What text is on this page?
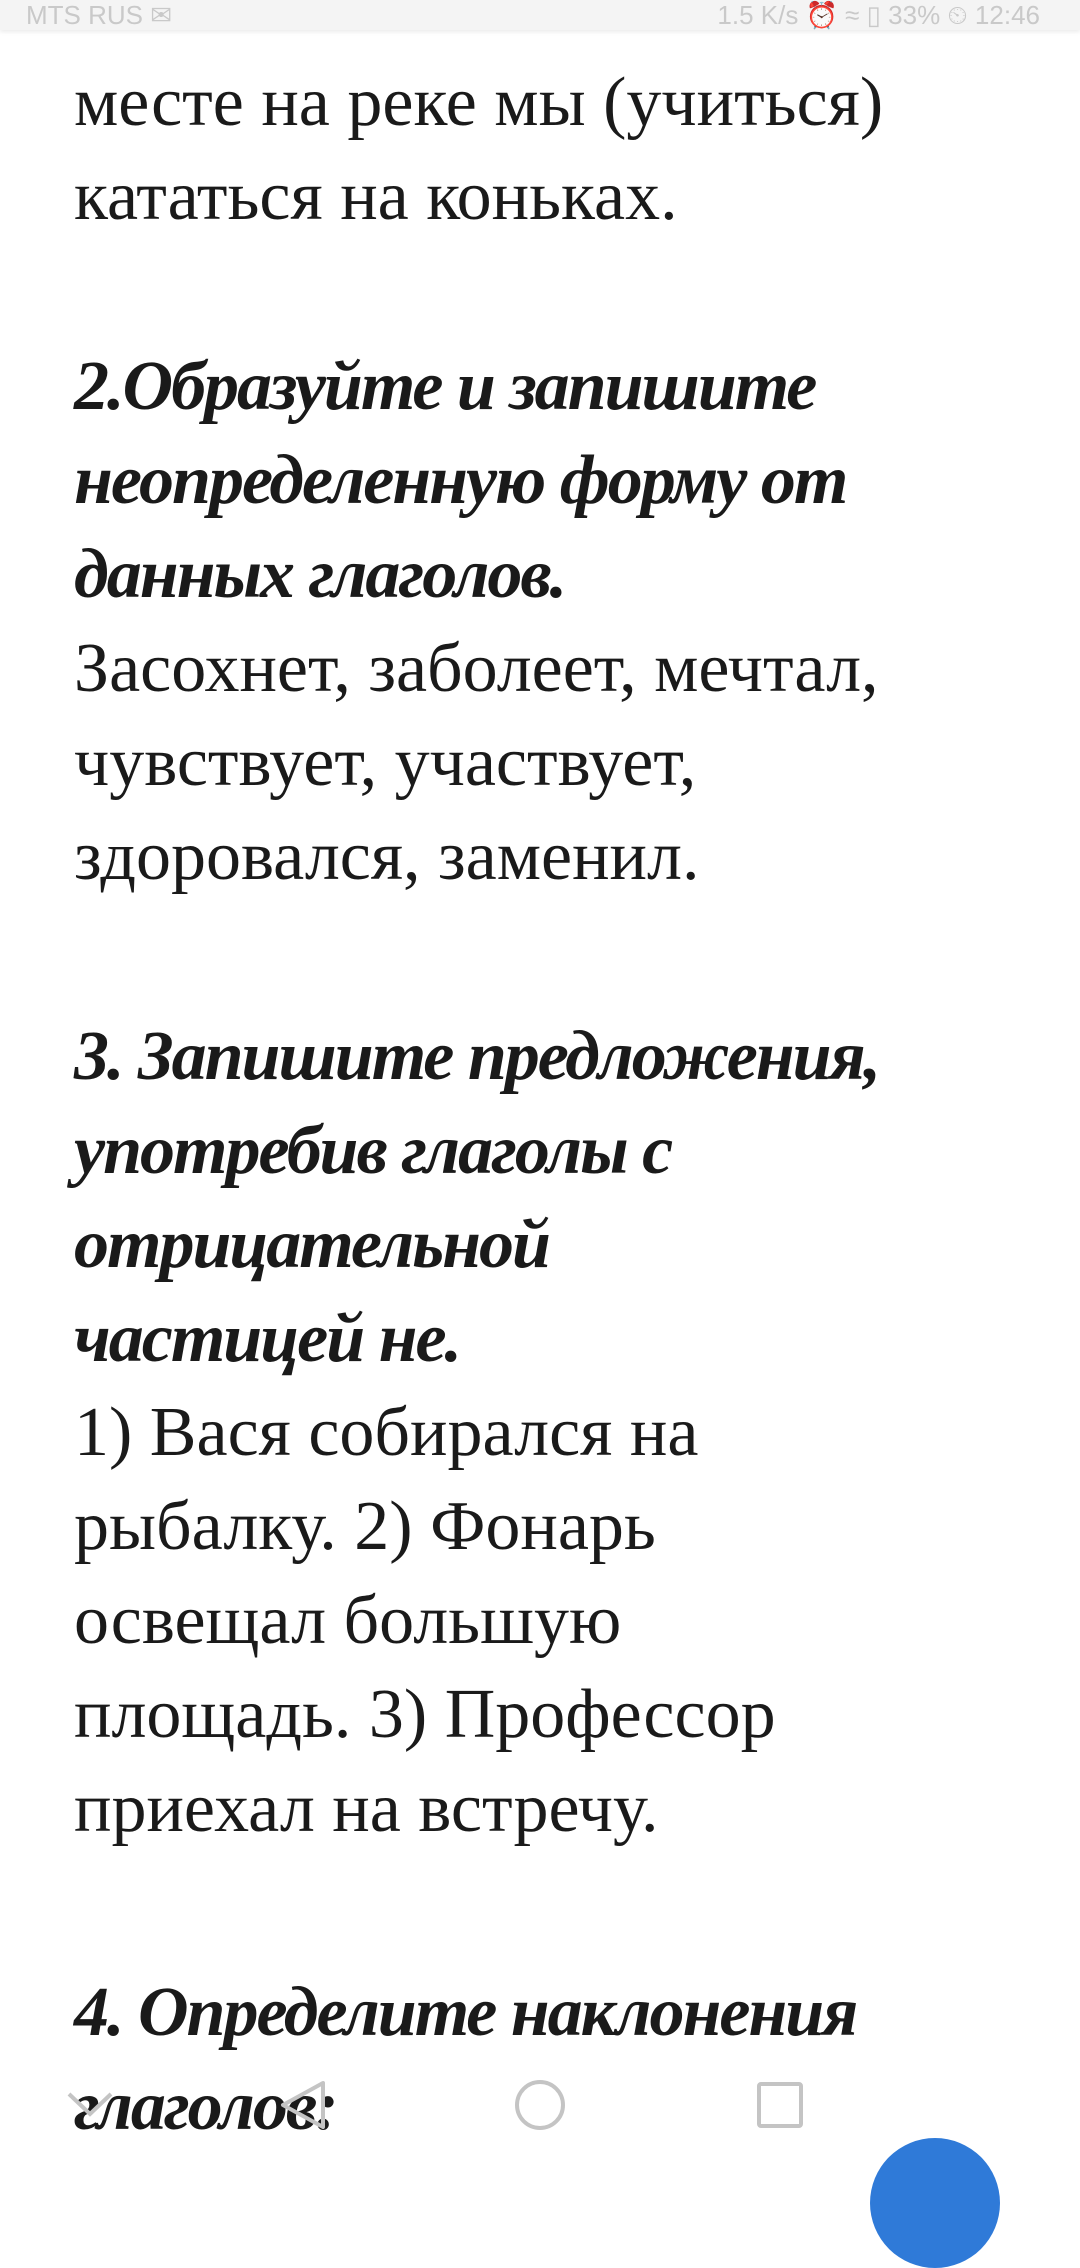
MTS RUS ✉	1.5 K/s ⏰ ≈ ▯ 33% ⏲ 12:46
месте на реке мы (учиться)
кататься на коньках.
2.Образуйте и запишите
неопределенную форму от
данных глаголов.
Засохнет, заболеет, мечтал,
чувствует, участвует,
здоровался, заменил.
3. Запишите предложения,
употребив глаголы с
отрицательной
частицей не.
1) Вася собирался на
рыбалку. 2) Фонарь
освещал большую
площадь. 3) Профессор
приехал на встречу.
4. Определите наклонения
глаголов:
